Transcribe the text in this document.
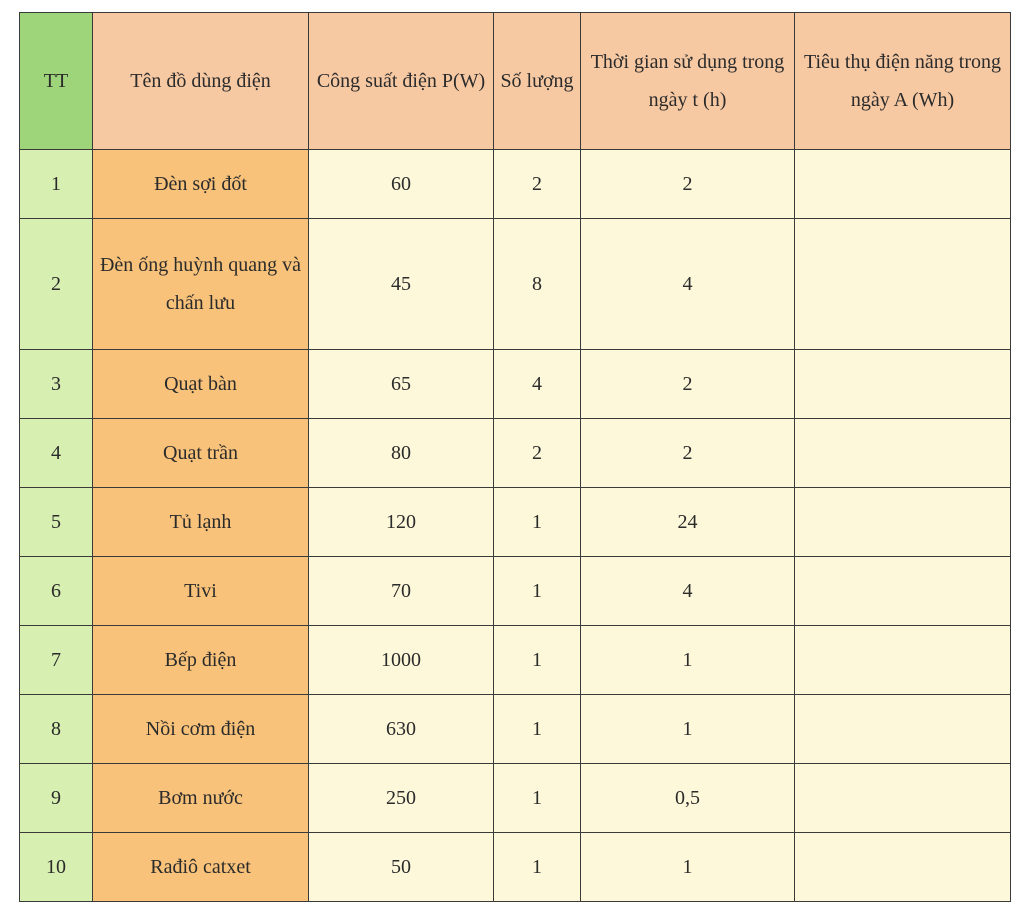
TT	Tên đồ dùng điện	Công suất điện P(W)	Số lượng	Thời gian sử dụng trong ngày t (h)	Tiêu thụ điện năng trong ngày A (Wh)
1	Đèn sợi đốt	60	2	2	
2	Đèn ống huỳnh quang và chấn lưu	45	8	4	
3	Quạt bàn	65	4	2	
4	Quạt trần	80	2	2	
5	Tủ lạnh	120	1	24	
6	Tivi	70	1	4	
7	Bếp điện	1000	1	1	
8	Nồi cơm điện	630	1	1	
9	Bơm nước	250	1	0,5	
10	Rađiô catxet	50	1	1	
